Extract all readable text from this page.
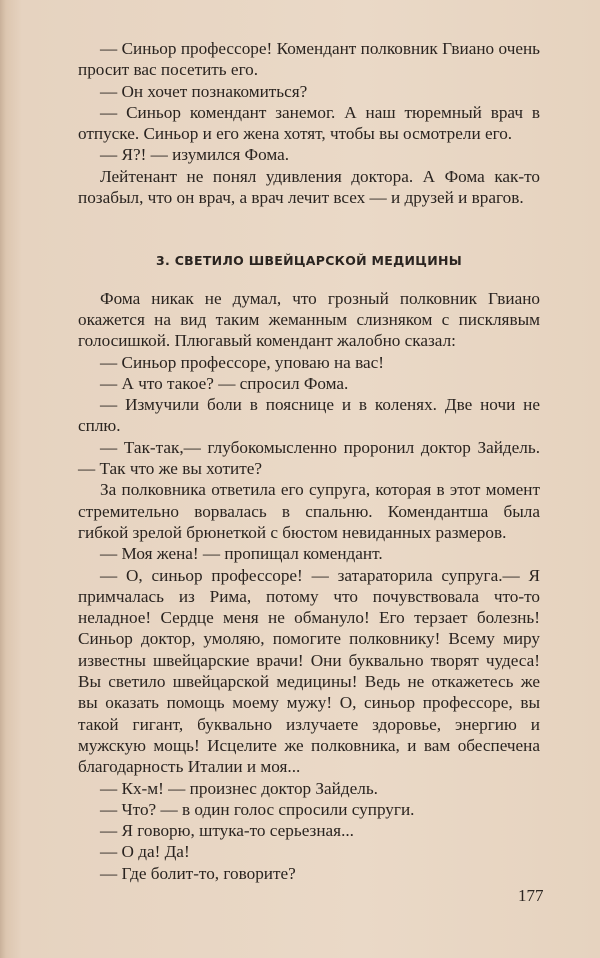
— Синьор профессоре! Комендант полковник Гвиано очень просит вас посетить его.

— Он хочет познакомиться?

— Синьор комендант занемог. А наш тюремный врач в отпуске. Синьор и его жена хотят, чтобы вы осмотрели его.

— Я?! — изумился Фома.

Лейтенант не понял удивления доктора. А Фома как-то позабыл, что он врач, а врач лечит всех — и друзей и врагов.

3. СВЕТИЛО ШВЕЙЦАРСКОЙ МЕДИЦИНЫ

Фома никак не думал, что грозный полковник Гвиано окажется на вид таким жеманным слизняком с писклявым голосишкой. Плюгавый комендант жалобно сказал:

— Синьор профессоре, уповаю на вас!

— А что такое? — спросил Фома.

— Измучили боли в пояснице и в коленях. Две ночи не сплю.

— Так-так,— глубокомысленно проронил доктор Зайдель.— Так что же вы хотите?

За полковника ответила его супруга, которая в этот момент стремительно ворвалась в спальню. Комендантша была гибкой зрелой брюнеткой с бюстом невиданных размеров.

— Моя жена! — пропищал комендант.

— О, синьор профессоре! — затараторила супруга.— Я примчалась из Рима, потому что почувствовала что-то неладное! Сердце меня не обмануло! Его терзает болезнь! Синьор доктор, умоляю, помогите полковнику! Всему миру известны швейцарские врачи! Они буквально творят чудеса! Вы светило швейцарской медицины! Ведь не откажетесь же вы оказать помощь моему мужу! О, синьор профессоре, вы такой гигант, буквально излучаете здоровье, энергию и мужскую мощь! Исцелите же полковника, и вам обеспечена благодарность Италии и моя...

— Кх-м! — произнес доктор Зайдель.

— Что? — в один голос спросили супруги.

— Я говорю, штука-то серьезная...

— О да! Да!

— Где болит-то, говорите?

177
